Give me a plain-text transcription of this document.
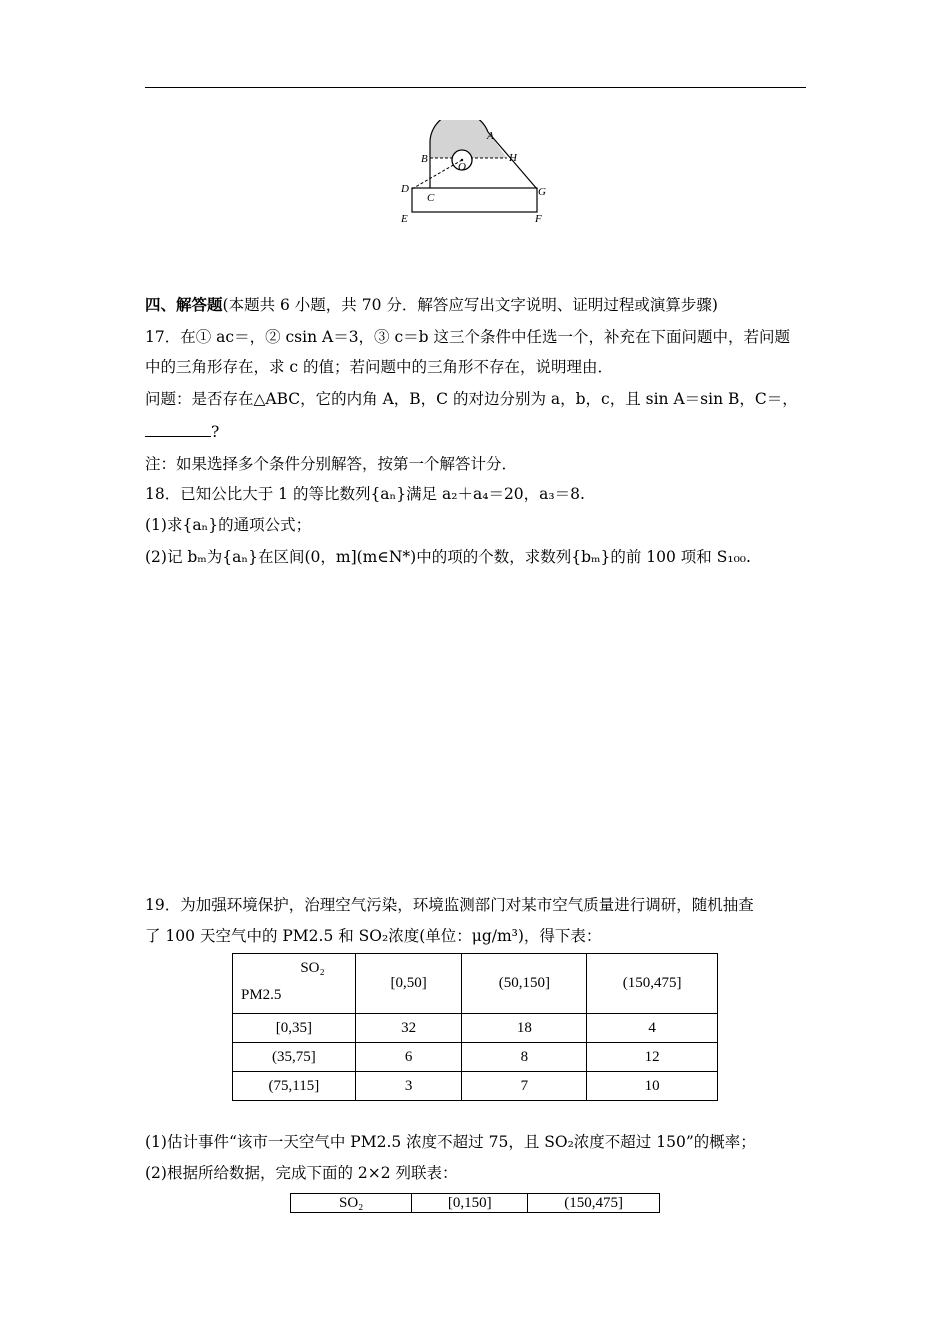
A
B
O
H
D
C	G
E	F
四、解答题(本题共 6 小题，共 70 分．解答应写出文字说明、证明过程或演算步骤)
17．在① ac＝，② csin A＝3，③ c＝b 这三个条件中任选一个，补充在下面问题中，若问题
中的三角形存在，求 c 的值；若问题中的三角形不存在，说明理由．
问题：是否存在△ABC，它的内角 A，B，C 的对边分别为 a，b，c，且 sin A＝sin B，C＝，
?
注：如果选择多个条件分别解答，按第一个解答计分．
18．已知公比大于 1 的等比数列{aₙ}满足 a₂＋a₄＝20，a₃＝8.
(1)求{aₙ}的通项公式；
(2)记 bₘ为{aₙ}在区间(0，m](m∈N*)中的项的个数，求数列{bₘ}的前 100 项和 S₁₀₀.
19．为加强环境保护，治理空气污染，环境监测部门对某市空气质量进行调研，随机抽查
了 100 天空气中的 PM2.5 和 SO₂浓度(单位：μg/m³)，得下表：
SO₂
PM2.5	[0,50]	(50,150]	(150,475]
[0,35]	32	18	4
(35,75]	6	8	12
(75,115]	3	7	10
(1)估计事件“该市一天空气中 PM2.5 浓度不超过 75，且 SO₂浓度不超过 150”的概率；
(2)根据所给数据，完成下面的 2×2 列联表：
SO₂	[0,150]	(150,475]
